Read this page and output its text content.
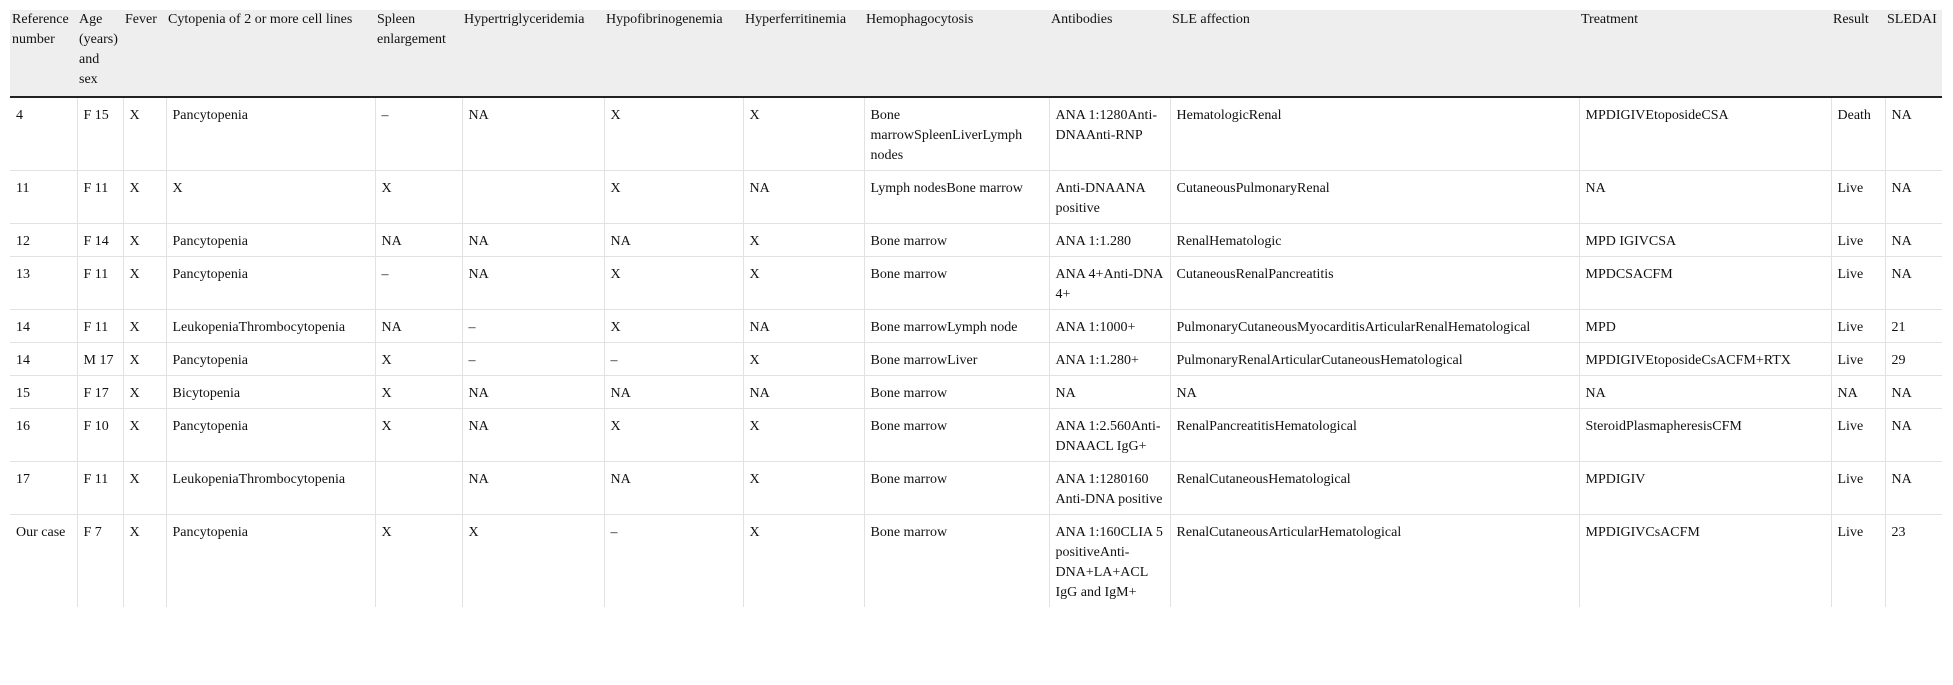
Reference number	Age (years) and sex	Fever	Cytopenia of 2 or more cell lines	Spleen enlargement	Hypertriglyceridemia	Hypofibrinogenemia	Hyperferritinemia	Hemophagocytosis	Antibodies	SLE affection	Treatment	Result	SLEDAI
4	F 15	X	Pancytopenia	–	NA	X	X	Bone marrowSpleenLiverLymph nodes	ANA 1:1280Anti-DNAAnti-RNP	HematologicRenal	MPDIGIVEtoposideCSA	Death	NA
11	F 11	X	X	X		X	NA	Lymph nodesBone marrow	Anti-DNAANA positive	CutaneousPulmonaryRenal	NA	Live	NA
12	F 14	X	Pancytopenia	NA	NA	NA	X	Bone marrow	ANA 1:1.280	RenalHematologic	MPD IGIVCSA	Live	NA
13	F 11	X	Pancytopenia	–	NA	X	X	Bone marrow	ANA 4+Anti-DNA 4+	CutaneousRenalPancreatitis	MPDCSACFM	Live	NA
14	F 11	X	LeukopeniaThrombocytopenia	NA	–	X	NA	Bone marrowLymph node	ANA 1:1000+	PulmonaryCutaneousMyocarditisArticularRenalHematological	MPD	Live	21
14	M 17	X	Pancytopenia	X	–	–	X	Bone marrowLiver	ANA 1:1.280+	PulmonaryRenalArticularCutaneousHematological	MPDIGIVEtoposideCsACFM+RTX	Live	29
15	F 17	X	Bicytopenia	X	NA	NA	NA	Bone marrow	NA	NA	NA	NA	NA
16	F 10	X	Pancytopenia	X	NA	X	X	Bone marrow	ANA 1:2.560Anti-DNAACL IgG+	RenalPancreatitisHematological	SteroidPlasmapheresisCFM	Live	NA
17	F 11	X	LeukopeniaThrombocytopenia		NA	NA	X	Bone marrow	ANA 1:1280160 Anti-DNA positive	RenalCutaneousHematological	MPDIGIV	Live	NA
Our case	F 7	X	Pancytopenia	X	X	–	X	Bone marrow	ANA 1:160CLIA 5 positiveAnti-DNA+LA+ACL IgG and IgM+	RenalCutaneousArticularHematological	MPDIGIVCsACFM	Live	23
